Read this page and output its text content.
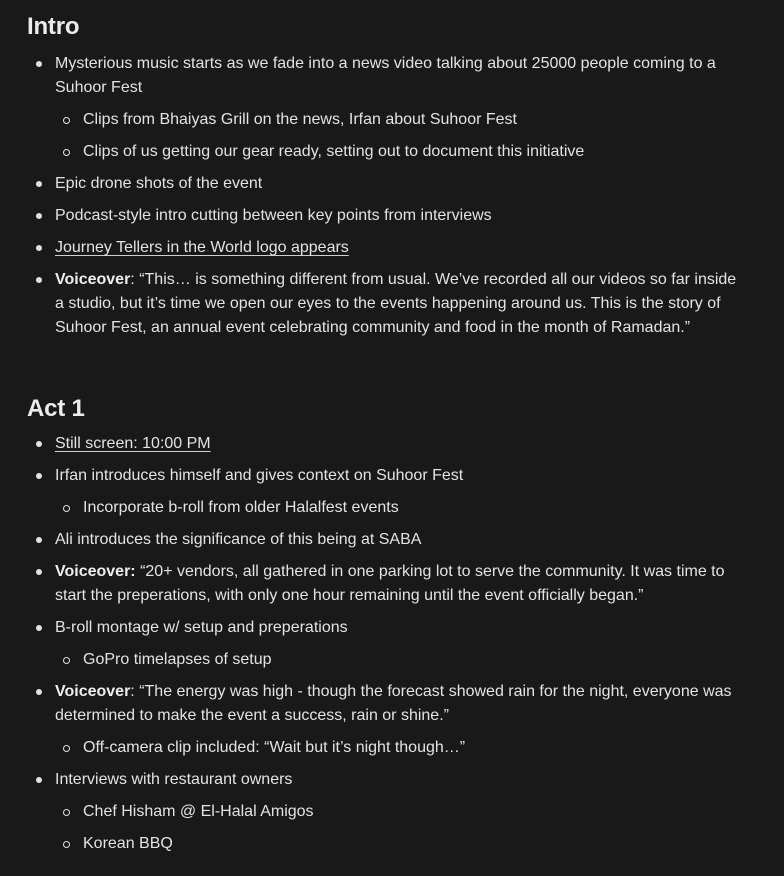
Intro
Mysterious music starts as we fade into a news video talking about 25000 people coming to a Suhoor Fest
Clips from Bhaiyas Grill on the news, Irfan about Suhoor Fest
Clips of us getting our gear ready, setting out to document this initiative
Epic drone shots of the event
Podcast-style intro cutting between key points from interviews
Journey Tellers in the World logo appears
Voiceover: “This… is something different from usual. We’ve recorded all our videos so far inside a studio, but it’s time we open our eyes to the events happening around us. This is the story of Suhoor Fest, an annual event celebrating community and food in the month of Ramadan.”
Act 1
Still screen: 10:00 PM
Irfan introduces himself and gives context on Suhoor Fest
Incorporate b-roll from older Halalfest events
Ali introduces the significance of this being at SABA
Voiceover: “20+ vendors, all gathered in one parking lot to serve the community. It was time to start the preperations, with only one hour remaining until the event officially began.”
B-roll montage w/ setup and preperations
GoPro timelapses of setup
Voiceover: “The energy was high - though the forecast showed rain for the night, everyone was determined to make the event a success, rain or shine.”
Off-camera clip included: “Wait but it’s night though…”
Interviews with restaurant owners
Chef Hisham @ El-Halal Amigos
Korean BBQ
